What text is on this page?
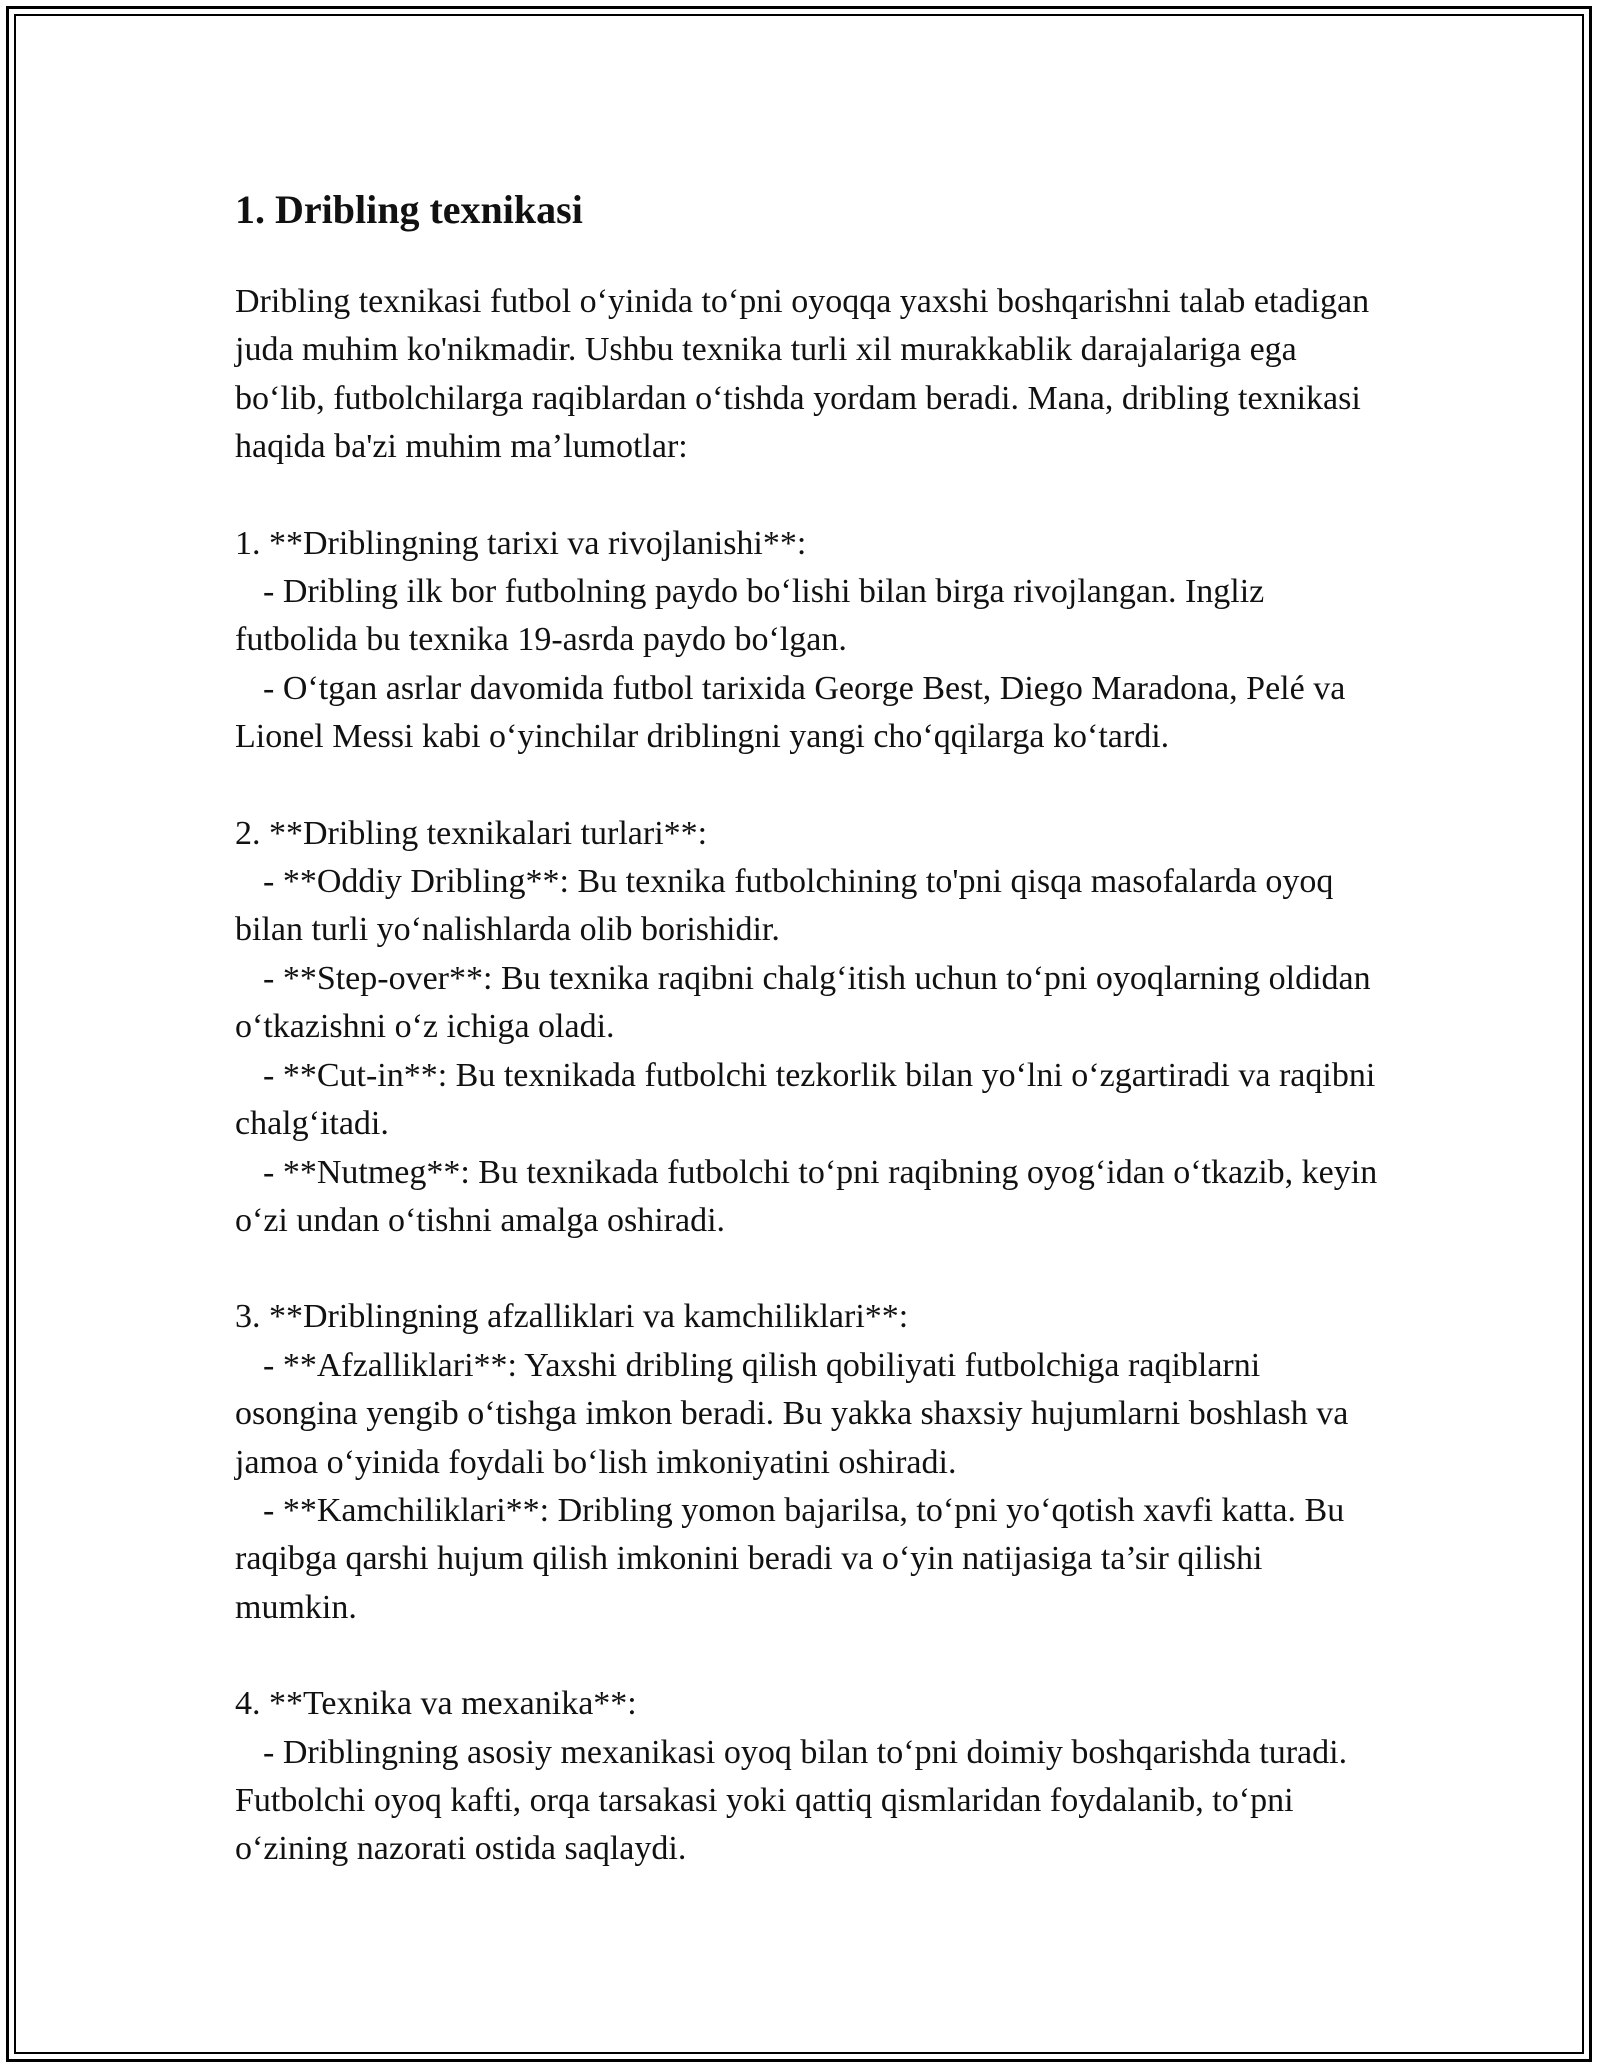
1. Dribling texnikasi

Dribling texnikasi futbol o‘yinida to‘pni oyoqqa yaxshi boshqarishni talab etadigan juda muhim ko'nikmadir. Ushbu texnika turli xil murakkablik darajalariga ega bo‘lib, futbolchilarga raqiblardan o‘tishda yordam beradi. Mana, dribling texnikasi haqida ba'zi muhim ma’lumotlar:

1. **Driblingning tarixi va rivojlanishi**:

- Dribling ilk bor futbolning paydo bo‘lishi bilan birga rivojlangan. Ingliz futbolida bu texnika 19-asrda paydo bo‘lgan.

- O‘tgan asrlar davomida futbol tarixida George Best, Diego Maradona, Pelé va Lionel Messi kabi o‘yinchilar driblingni yangi cho‘qqilarga ko‘tardi.

2. **Dribling texnikalari turlari**:

- **Oddiy Dribling**: Bu texnika futbolchining to'pni qisqa masofalarda oyoq bilan turli yo‘nalishlarda olib borishidir.

- **Step-over**: Bu texnika raqibni chalg‘itish uchun to‘pni oyoqlarning oldidan o‘tkazishni o‘z ichiga oladi.

- **Cut-in**: Bu texnikada futbolchi tezkorlik bilan yo‘lni o‘zgartiradi va raqibni chalg‘itadi.

- **Nutmeg**: Bu texnikada futbolchi to‘pni raqibning oyog‘idan o‘tkazib, keyin o‘zi undan o‘tishni amalga oshiradi.

3. **Driblingning afzalliklari va kamchiliklari**:

- **Afzalliklari**: Yaxshi dribling qilish qobiliyati futbolchiga raqiblarni osongina yengib o‘tishga imkon beradi. Bu yakka shaxsiy hujumlarni boshlash va jamoa o‘yinida foydali bo‘lish imkoniyatini oshiradi.

- **Kamchiliklari**: Dribling yomon bajarilsa, to‘pni yo‘qotish xavfi katta. Bu raqibga qarshi hujum qilish imkonini beradi va o‘yin natijasiga ta’sir qilishi mumkin.

4. **Texnika va mexanika**:

- Driblingning asosiy mexanikasi oyoq bilan to‘pni doimiy boshqarishda turadi. Futbolchi oyoq kafti, orqa tarsakasi yoki qattiq qismlaridan foydalanib, to‘pni o‘zining nazorati ostida saqlaydi.
